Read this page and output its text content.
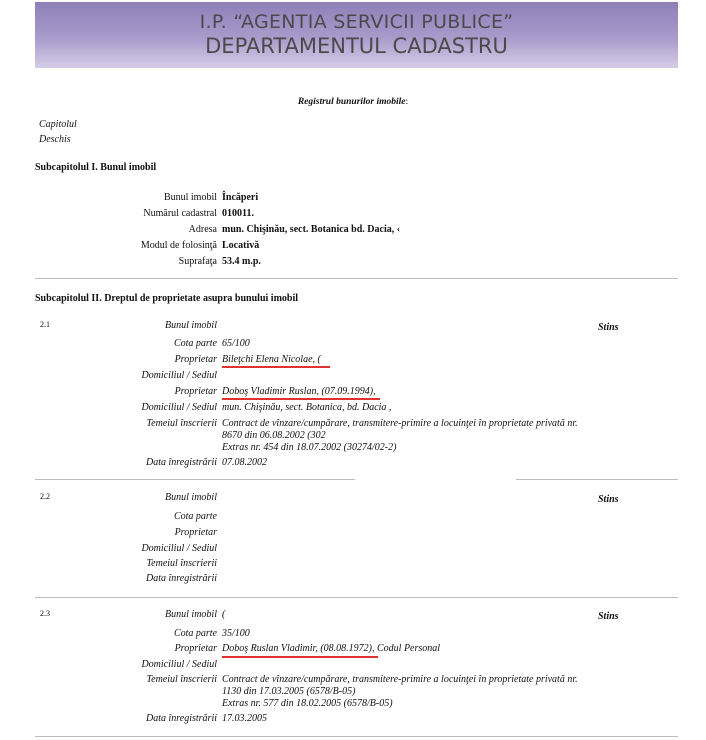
I.P. “AGENTIA SERVICII PUBLICE”
DEPARTAMENTUL CADASTRU
Registrul bunurilor imobile:
Capitolul
Deschis
Subcapitolul I. Bunul imobil
Bunul imobil Încăperi
Numărul cadastral 010011.
Adresa mun. Chişinău, sect. Botanica bd. Dacia, ‹
Modul de folosinţă Locativă
Suprafaţa 53.4 m.p.
Subcapitolul II. Dreptul de proprietate asupra bunului imobil
2.1	Stins
Bunul imobil
Cota parte 65/100
Proprietar Bileţchi Elena Nicolae, (
Domiciliul / Sediul
Proprietar Doboş Vladimir Ruslan, (07.09.1994),
Domiciliul / Sediul mun. Chişinău, sect. Botanica, bd. Dacia ,
Temeiul înscrierii Contract de vînzare/cumpărare, transmitere-primire a locuinţei în proprietate privată nr.
8670 din 06.08.2002 (302
Extras nr. 454 din 18.07.2002 (30274/02-2)
Data înregistrării 07.08.2002
2.2	Stins
Bunul imobil
Cota parte
Proprietar
Domiciliul / Sediul
Temeiul înscrierii
Data înregistrării
2.3	Stins
Bunul imobil (
Cota parte 35/100
Proprietar Doboş Ruslan Vladimir, (08.08.1972), Codul Personal
Domiciliul / Sediul
Temeiul înscrierii Contract de vînzare/cumpărare, transmitere-primire a locuinţei în proprietate privată nr.
1130 din 17.03.2005 (6578/B-05)
Extras nr. 577 din 18.02.2005 (6578/B-05)
Data înregistrării 17.03.2005
